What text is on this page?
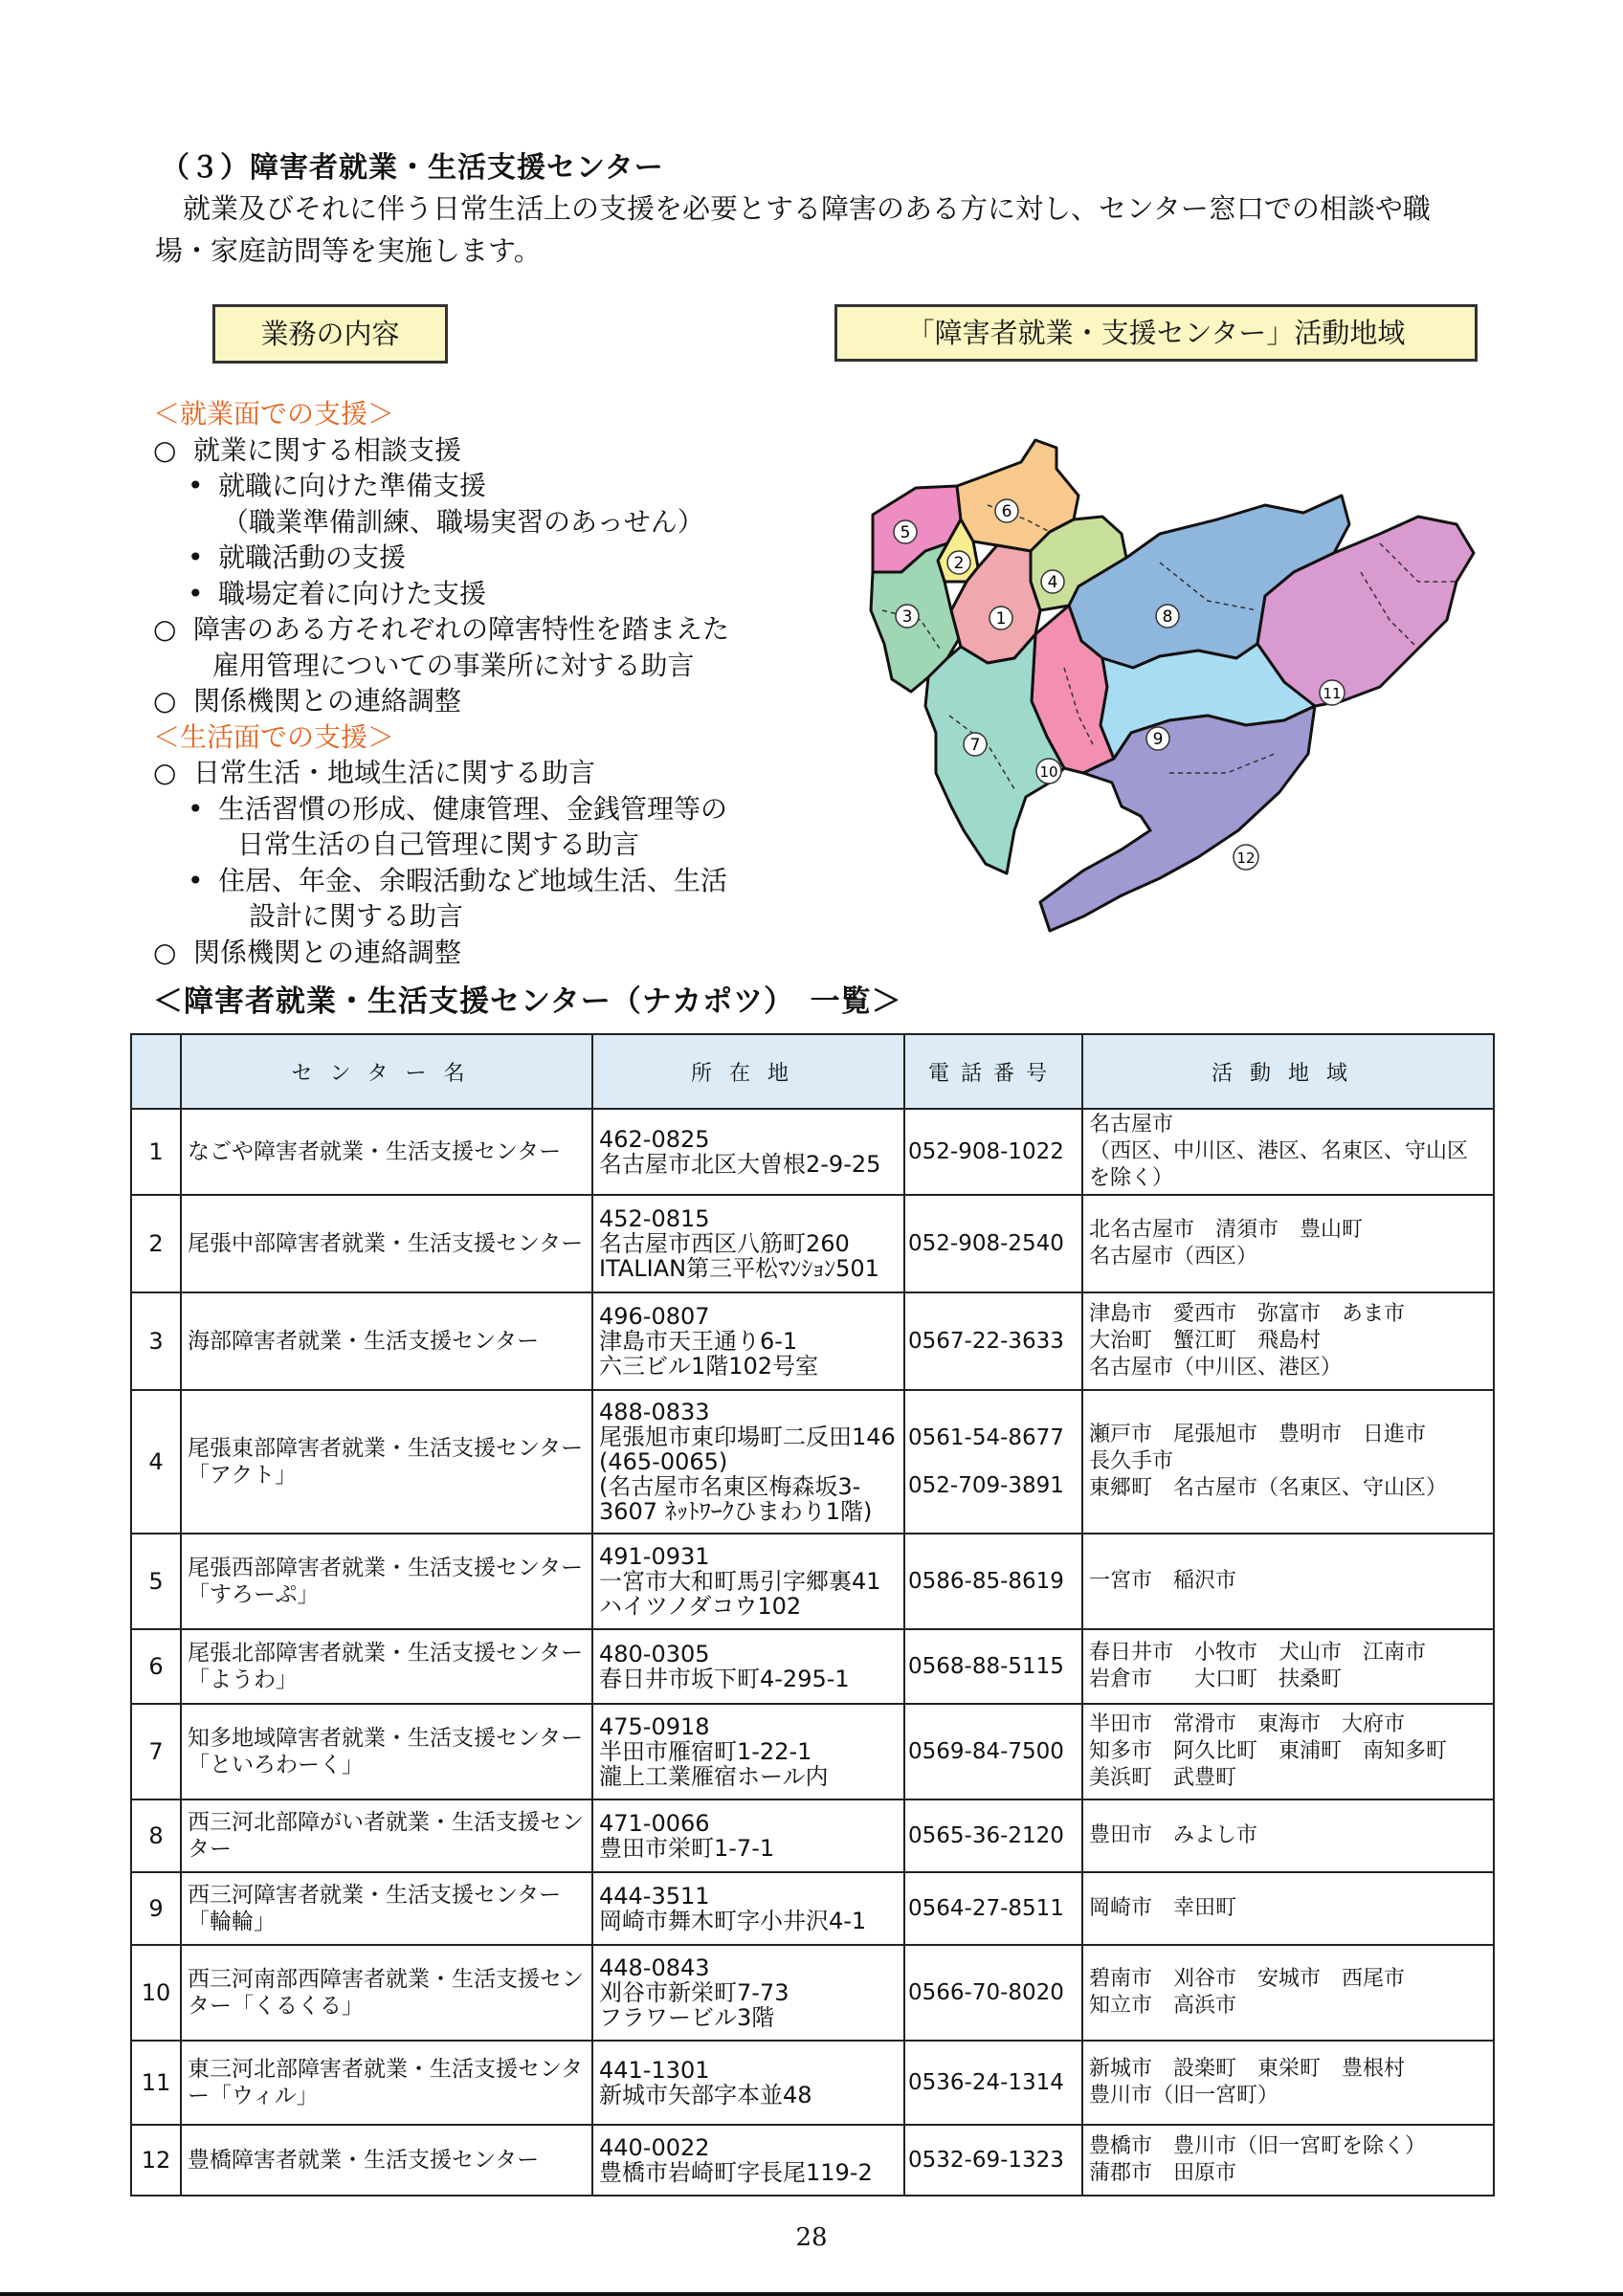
（３）障害者就業・生活支援センター
　就業及びそれに伴う日常生活上の支援を必要とする障害のある方に対し、センター窓口での相談や職場・家庭訪問等を実施します。
業務の内容	「障害者就業・支援センター」活動地域
＜就業面での支援＞
○ 就業に関する相談支援
• 就職に向けた準備支援
（職業準備訓練、職場実習のあっせん）
• 就職活動の支援
• 職場定着に向けた支援
○ 障害のある方それぞれの障害特性を踏まえた
雇用管理についての事業所に対する助言
○ 関係機関との連絡調整
＜生活面での支援＞
○ 日常生活・地域生活に関する助言
• 生活習慣の形成、健康管理、金銭管理等の
日常生活の自己管理に関する助言
• 住居、年金、余暇活動など地域生活、生活
設計に関する助言
○ 関係機関との連絡調整
1
2
3
4
5
6
7
8
9
10
11
12
＜障害者就業・生活支援センター（ナカポツ）　一覧＞
	センター名	所在地	電話番号	活動地域
1	なごや障害者就業・生活支援センター	462-0825
名古屋市北区大曽根2-9-25	052-908-1022	名古屋市
（西区、中川区、港区、名東区、守山区を除く）
2	尾張中部障害者就業・生活支援センター	452-0815
名古屋市西区八筋町260
ITALIAN第三平松ﾏﾝｼｮﾝ501	052-908-2540	北名古屋市　清須市　豊山町
名古屋市（西区）
3	海部障害者就業・生活支援センター	496-0807
津島市天王通り6-1
六三ビル1階102号室	0567-22-3633	津島市　愛西市　弥富市　あま市
大治町　蟹江町　飛島村
名古屋市（中川区、港区）
4	尾張東部障害者就業・生活支援センター「アクト」	488-0833
尾張旭市東印場町二反田146
(465-0065)
(名古屋市名東区梅森坂3-
3607 ﾈｯﾄﾜｰｸひまわり1階)	0561-54-8677
052-709-3891	瀬戸市　尾張旭市　豊明市　日進市
長久手市
東郷町　名古屋市（名東区、守山区）
5	尾張西部障害者就業・生活支援センター「すろーぷ」	491-0931
一宮市大和町馬引字郷裏41
ハイツノダコウ102	0586-85-8619	一宮市　稲沢市
6	尾張北部障害者就業・生活支援センター「ようわ」	480-0305
春日井市坂下町4-295-1	0568-88-5115	春日井市　小牧市　犬山市　江南市
岩倉市　　大口町　扶桑町
7	知多地域障害者就業・生活支援センター「といろわーく」	475-0918
半田市雁宿町1-22-1
瀧上工業雁宿ホール内	0569-84-7500	半田市　常滑市　東海市　大府市
知多市　阿久比町　東浦町　南知多町
美浜町　武豊町
8	西三河北部障がい者就業・生活支援センター	471-0066
豊田市栄町1-7-1	0565-36-2120	豊田市　みよし市
9	西三河障害者就業・生活支援センター「輪輪」	444-3511
岡崎市舞木町字小井沢4-1	0564-27-8511	岡崎市　幸田町
10	西三河南部西障害者就業・生活支援センター「くるくる」	448-0843
刈谷市新栄町7-73
フラワービル3階	0566-70-8020	碧南市　刈谷市　安城市　西尾市
知立市　高浜市
11	東三河北部障害者就業・生活支援センター「ウィル」	441-1301
新城市矢部字本並48	0536-24-1314	新城市　設楽町　東栄町　豊根村
豊川市（旧一宮町）
12	豊橋障害者就業・生活支援センター	440-0022
豊橋市岩崎町字長尾119-2	0532-69-1323	豊橋市　豊川市（旧一宮町を除く）
蒲郡市　田原市
28
